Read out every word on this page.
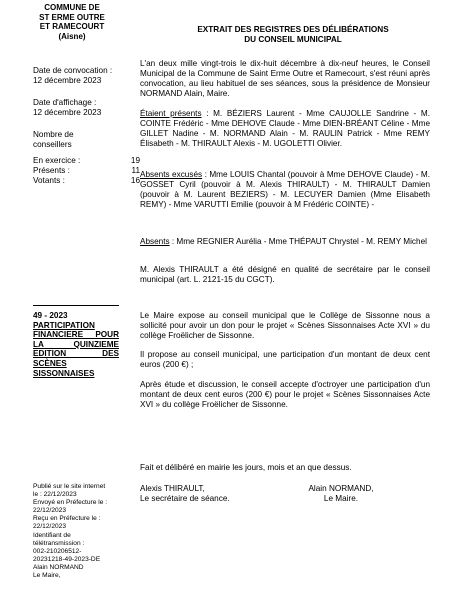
COMMUNE DE
ST ERME OUTRE
ET RAMECOURT
(Aisne)
EXTRAIT DES REGISTRES DES DÉLIBÉRATIONS
DU CONSEIL MUNICIPAL
Date de convocation :
12 décembre 2023
Date d'affichage :
12 décembre 2023
Nombre de
conseillers
En exercice :	19
Présents :	11
Votants :	16

L'an deux mille vingt-trois le dix-huit décembre à dix-neuf heures, le Conseil Municipal de la Commune de Saint Erme Outre et Ramecourt, s'est réuni après convocation, au lieu habituel de ses séances, sous la présidence de Monsieur NORMAND Alain, Maire.

Étaient présents : M. BÉZIERS Laurent - Mme CAUJOLLE Sandrine - M. COINTE Frédéric - Mme DEHOVE Claude - Mme DIEN-BRÉANT Céline - Mme GILLET Nadine - M. NORMAND Alain - M. RAULIN Patrick - Mme REMY Élisabeth - M. THIRAULT Alexis - M. UGOLETTI Olivier.

Absents excusés : Mme LOUIS Chantal (pouvoir à Mme DEHOVE Claude) - M. GOSSET Cyril (pouvoir à M. Alexis THIRAULT) - M. THIRAULT Damien (pouvoir à M. Laurent BEZIERS) - M. LECUYER Damien (Mme Elisabeth REMY) - Mme VARUTTI Emilie (pouvoir à M Frédéric COINTE) -

Absents : Mme REGNIER Aurélia - Mme THÉPAUT Chrystel - M. REMY Michel

M. Alexis THIRAULT a été désigné en qualité de secrétaire par le conseil municipal (art. L. 2121-15 du CGCT).

49 - 2023
PARTICIPATION
FINANCIERE POUR
LA QUINZIEME
EDITION DES
SCÈNES
SISSONNAISES

Le Maire expose au conseil municipal que le Collège de Sissonne nous a sollicité pour avoir un don pour le projet « Scènes Sissonnaises Acte XVI » du collège Froëlicher de Sissonne.

Il propose au conseil municipal, une participation d'un montant de deux cent euros (200 €) ;

Après étude et discussion, le conseil accepte d'octroyer une participation d'un montant de deux cent euros (200 €) pour le projet « Scènes Sissonnaises Acte XVI » du collège Froëlicher de Sissonne.

Fait et délibéré en mairie les jours, mois et an que dessus.
Alexis THIRAULT,
Le secrétaire de séance.
Alain NORMAND,
Le Maire.
Publié sur le site internet
le : 22/12/2023
Envoyé en Préfecture le :
22/12/2023
Reçu en Préfecture le :
22/12/2023
Identifiant de
télétransmission :
002-210206512-
20231218-49-2023-DE
Alain NORMAND
Le Maire,
